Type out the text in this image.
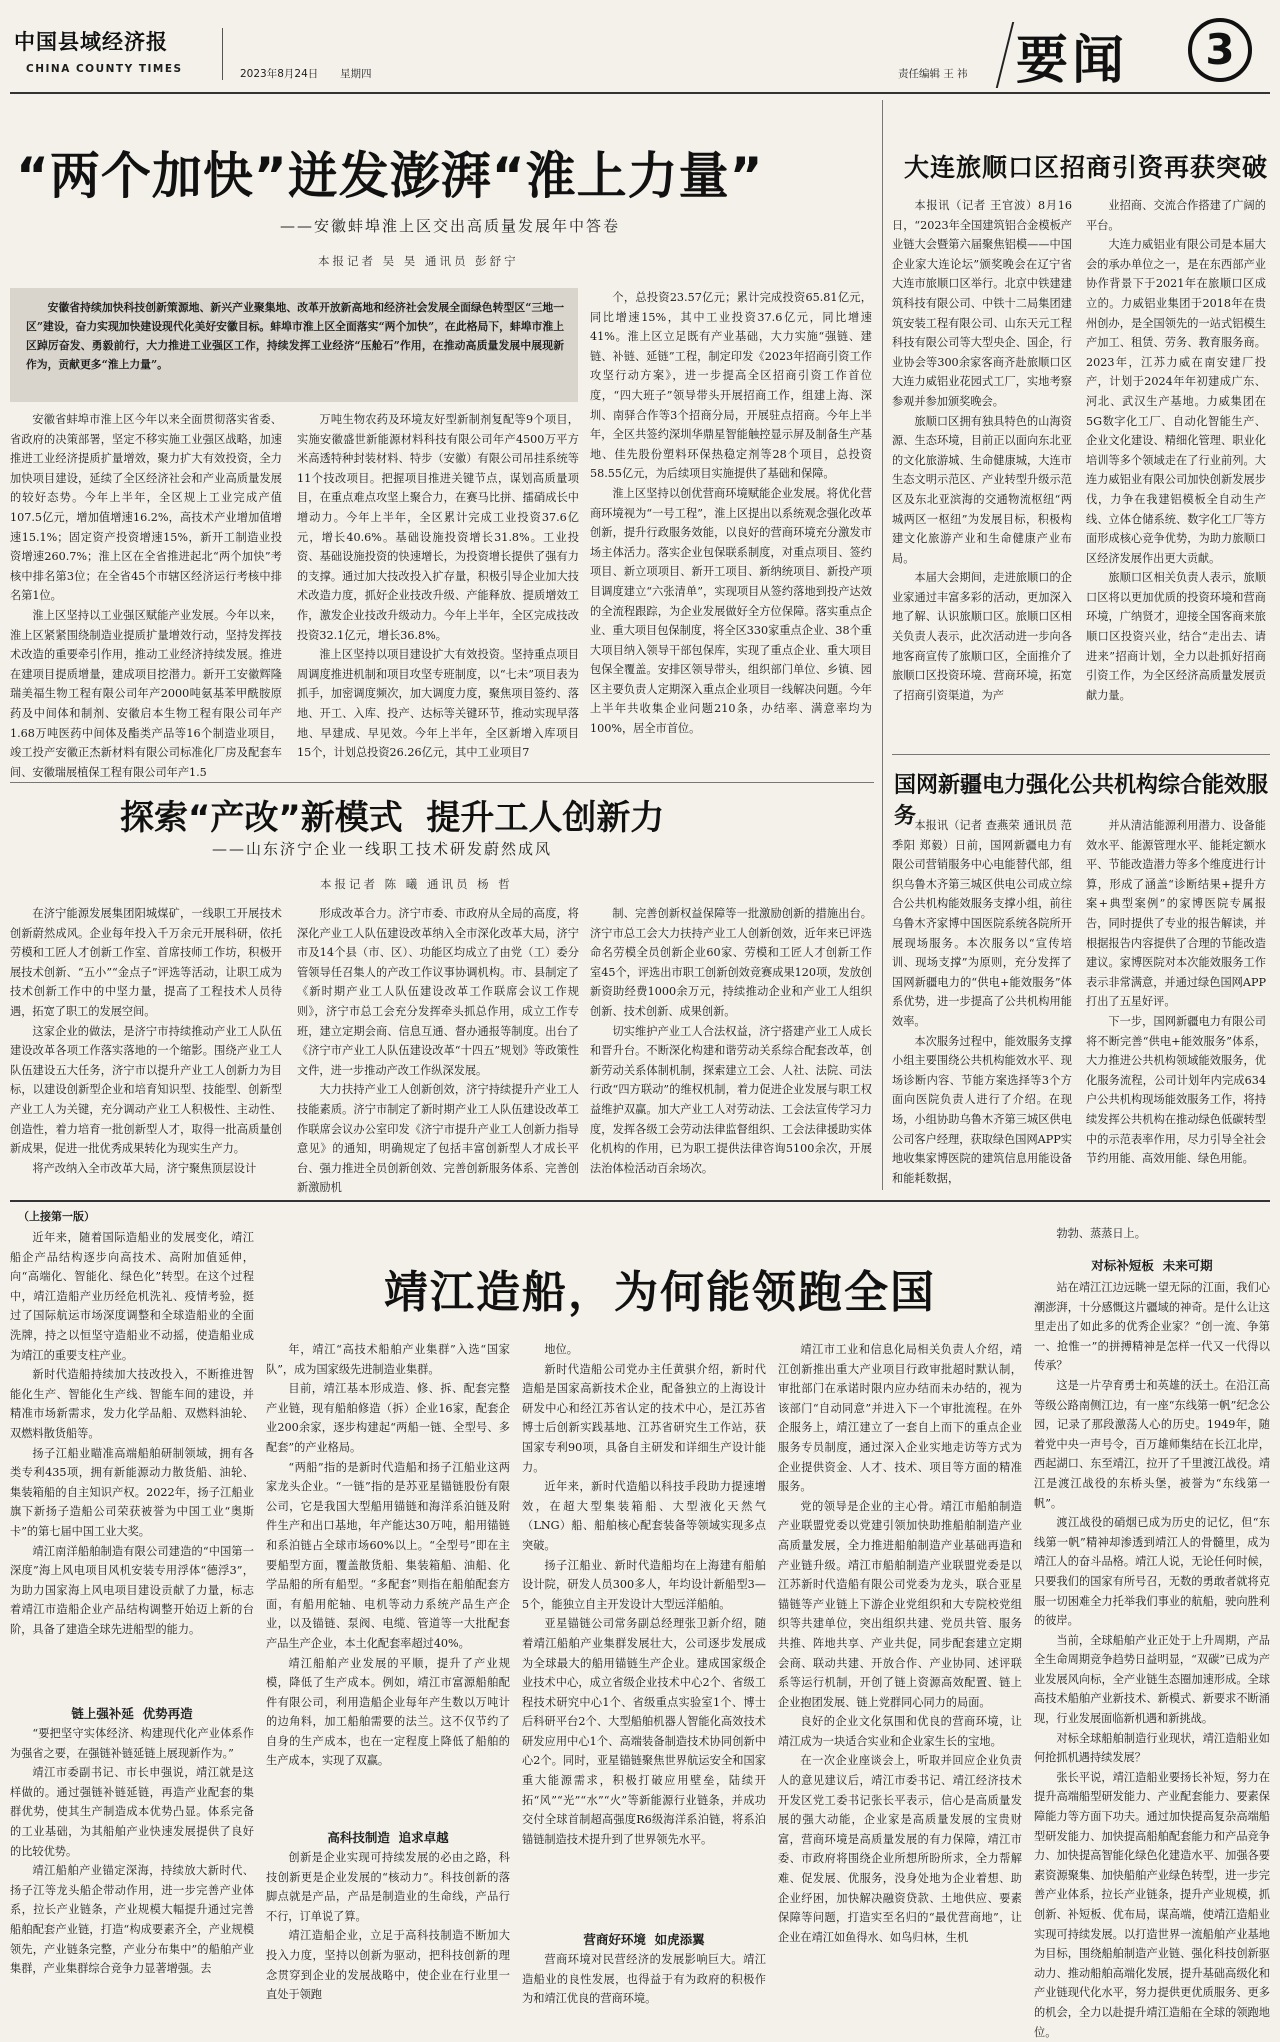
中国县域经济报
CHINA COUNTY TIMES	2023年8月24日 星期四	责任编辑 王 祎 要闻	3
“两个加快”迸发澎湃“淮上力量”
——安徽蚌埠淮上区交出高质量发展年中答卷
本报记者 吴 昊 通讯员 彭舒宁
安徽省持续加快科技创新策源地、新兴产业聚集地、改革开放新高地和经济社会发展全面绿色转型区“三地一区”建设，奋力实现加快建设现代化美好安徽目标。蚌埠市淮上区全面落实“两个加快”，在此格局下，蚌埠市淮上区踔厉奋发、勇毅前行，大力推进工业强区工作，持续发挥工业经济“压舱石”作用，在推动高质量发展中展现新作为，贡献更多“淮上力量”。

安徽省蚌埠市淮上区今年以来全面贯彻落实省委、省政府的决策部署，坚定不移实施工业强区战略，加速推进工业经济提质扩量增效，聚力扩大有效投资，全力加快项目建设，延续了全区经济社会和产业高质量发展的较好态势。今年上半年，全区规上工业完成产值107.5亿元，增加值增速16.2%，高技术产业增加值增速15.1%；固定资产投资增速15%，新开工制造业投资增速260.7%；淮上区在全省推进起北“两个加快”考核中排名第3位；在全省45个市辖区经济运行考核中排名第1位。

淮上区坚持以工业强区赋能产业发展。今年以来，淮上区紧紧围绕制造业提质扩量增效行动，坚持发挥技术改造的重要牵引作用，推动工业经济持续发展。推进在建项目提质增量，建成项目挖潜力。新开工安徽辉隆瑞美福生物工程有限公司年产2000吨氨基苯甲酰胺原药及中间体和制剂、安徽启本生物工程有限公司年产1.68万吨医药中间体及酯类产品等16个制造业项目，竣工投产安徽正杰新材料有限公司标准化厂房及配套车间、安徽瑞展植保工程有限公司年产1.5

万吨生物农药及环境友好型新制剂复配等9个项目，实施安徽盛世新能源材料科技有限公司年产4500万平方米高透特种封装材料、特步（安徽）有限公司吊挂系统等11个技改项目。把握项目推进关键节点，谋划高质量项目，在重点难点攻坚上聚合力，在赛马比拼、擂硝成长中增动力。今年上半年，全区累计完成工业投资37.6亿元，增长40.6%。基础设施投资增长31.8%。工业投资、基础设施投资的快速增长，为投资增长提供了强有力的支撑。通过加大技改投入扩存量，积极引导企业加大技术改造力度，抓好企业技改升级、产能释放、提质增效工作，激发企业技改升级动力。今年上半年，全区完成技改投资32.1亿元，增长36.8%。

淮上区坚持以项目建设扩大有效投资。坚持重点项目周调度推进机制和项目攻坚专班制度，以“七未”项目表为抓手，加密调度频次，加大调度力度，聚焦项目签约、落地、开工、入库、投产、达标等关键环节，推动实现早落地、早建成、早见效。今年上半年，全区新增入库项目15个，计划总投资26.26亿元，其中工业项目7

个，总投资23.57亿元；累计完成投资65.81亿元，同比增速15%，其中工业投资37.6亿元，同比增速41%。淮上区立足既有产业基础，大力实施“强链、建链、补链、延链”工程，制定印发《2023年招商引资工作攻坚行动方案》，进一步提高全区招商引资工作首位度，“四大班子”领导带头开展招商工作，组建上海、深圳、南驿合作等3个招商分局，开展驻点招商。今年上半年，全区共签约深圳华鼎星智能触控显示屏及制备生产基地、佳先股份塑料环保热稳定剂等28个项目，总投资58.55亿元，为后续项目实施提供了基础和保障。

淮上区坚持以创优营商环境赋能企业发展。将优化营商环境视为“一号工程”，淮上区提出以系统观念强化改革创新，提升行政服务效能，以良好的营商环境充分激发市场主体活力。落实企业包保联系制度，对重点项目、签约项目、新立项项目、新开工项目、新纳统项目、新投产项目调度建立“六张清单”，实现项目从签约落地到投产达效的全流程跟踪，为企业发展做好全方位保障。落实重点企业、重大项目包保制度，将全区330家重点企业、38个重大项目纳入领导干部包保库，实现了重点企业、重大项目包保全覆盖。安排区领导带头，组织部门单位、乡镇、园区主要负责人定期深入重点企业项目一线解决问题。今年上半年共收集企业问题210条，办结率、满意率均为100%，居全市首位。

大连旅顺口区招商引资再获突破

本报讯（记者 王官波）8月16日，“2023年全国建筑铝合金模板产业链大会暨第六届聚焦铝模——中国企业家大连论坛”颁奖晚会在辽宁省大连市旅顺口区举行。北京中铁建建筑科技有限公司、中铁十二局集团建筑安装工程有限公司、山东天元工程科技有限公司等大型央企、国企，行业协会等300余家客商齐赴旅顺口区大连力威铝业花园式工厂，实地考察参观并参加颁奖晚会。

旅顺口区拥有独具特色的山海资源、生态环境，目前正以面向东北亚的文化旅游城、生命健康城，大连市生态文明示范区、产业转型升级示范区及东北亚滨海的交通物流枢纽“两城两区一枢纽”为发展目标，积极构建文化旅游产业和生命健康产业布局。

本届大会期间，走进旅顺口的企业家通过丰富多彩的活动，更加深入地了解、认识旅顺口区。旅顺口区相关负责人表示，此次活动进一步向各地客商宣传了旅顺口区，全面推介了旅顺口区投资环境、营商环境，拓宽了招商引资渠道，为产

业招商、交流合作搭建了广阔的平台。

大连力威铝业有限公司是本届大会的承办单位之一，是在东西部产业协作背景下于2021年在旅顺口区成立的。力威铝业集团于2018年在贵州创办，是全国领先的一站式铝模生产加工、租赁、劳务、教育服务商。2023年，江苏力威在南安建厂投产，计划于2024年年初建成广东、河北、武汉生产基地。力威集团在5G数字化工厂、自动化智能生产、企业文化建设、精细化管理、职业化培训等多个领域走在了行业前列。大连力威铝业有限公司加快创新发展步伐，力争在我建铝模板全自动生产线、立体仓储系统、数字化工厂等方面形成核心竞争优势，为助力旅顺口区经济发展作出更大贡献。

旅顺口区相关负责人表示，旅顺口区将以更加优质的投资环境和营商环境，广纳贤才，迎接全国客商来旅顺口区投资兴业，结合“走出去、请进来”招商计划，全力以赴抓好招商引资工作，为全区经济高质量发展贡献力量。

探索“产改”新模式  提升工人创新力
——山东济宁企业一线职工技术研发蔚然成风
本报记者 陈 曦 通讯员 杨 哲

在济宁能源发展集团阳城煤矿，一线职工开展技术创新蔚然成风。企业每年投入千万余元开展科研，依托劳模和工匠人才创新工作室、首席技师工作坊，积极开展技术创新、“五小”“金点子”评选等活动，让职工成为技术创新工作中的中坚力量，提高了工程技术人员待遇，拓宽了职工的发展空间。

这家企业的做法，是济宁市持续推动产业工人队伍建设改革各项工作落实落地的一个缩影。围绕产业工人队伍建设五大任务，济宁市以提升产业工人创新力为目标，以建设创新型企业和培育知识型、技能型、创新型产业工人为关键，充分调动产业工人积极性、主动性、创造性，着力培育一批创新型人才，取得一批高质量创新成果，促进一批优秀成果转化为现实生产力。

将产改纳入全市改革大局，济宁聚焦顶层设计

形成改革合力。济宁市委、市政府从全局的高度，将深化产业工人队伍建设改革纳入全市深化改革大局，济宁市及14个县（市、区）、功能区均成立了由党（工）委分管领导任召集人的产改工作议事协调机构。市、县制定了《新时期产业工人队伍建设改革工作联席会议工作规则》，济宁市总工会充分发挥牵头抓总作用，成立工作专班，建立定期会商、信息互通、督办通报等制度。出台了《济宁市产业工人队伍建设改革“十四五”规划》等政策性文件，进一步推动产改工作纵深发展。

大力扶持产业工人创新创效，济宁持续提升产业工人技能素质。济宁市制定了新时期产业工人队伍建设改革工作联席会议办公室印发《济宁市提升产业工人创新力指导意见》的通知，明确规定了包括丰富创新型人才成长平台、强力推进全员创新创效、完善创新服务体系、完善创新激励机

制、完善创新权益保障等一批激励创新的措施出台。济宁市总工会大力扶持产业工人创新创效，近年来已评选命名劳模全员创新企业60家、劳模和工匠人才创新工作室45个，评选出市职工创新创效竞赛成果120项，发放创新资助经费1000余万元，持续推动企业和产业工人组织创新、技术创新、成果创新。

切实维护产业工人合法权益，济宁搭建产业工人成长和晋升台。不断深化构建和谐劳动关系综合配套改革，创新劳动关系体制机制，探索建立工会、人社、法院、司法行政“四方联动”的维权机制，着力促进企业发展与职工权益维护双赢。加大产业工人对劳动法、工会法宣传学习力度，发挥各级工会劳动法律监督组织、工会法律援助实体化机构的作用，已为职工提供法律咨询5100余次，开展法治体检活动百余场次。

国网新疆电力强化公共机构综合能效服务

本报讯（记者 查燕荣 通讯员 范季阳 郑毅）日前，国网新疆电力有限公司营销服务中心电能替代部，组织乌鲁木齐第三城区供电公司成立综合公共机构能效服务支撑小组，前往乌鲁木齐家博中国医院系统各院所开展现场服务。本次服务以“宣传培训、现场支撑”为原则，充分发挥了国网新疆电力的“供电+能效服务”体系优势，进一步提高了公共机构用能效率。

本次服务过程中，能效服务支撑小组主要围绕公共机构能效水平、现场诊断内容、节能方案选择等3个方面向医院负责人进行了介绍。在现场，小组协助乌鲁木齐第三城区供电公司客户经理，获取绿色国网APP实地收集家博医院的建筑信息用能设备和能耗数据，

并从清洁能源利用潜力、设备能效水平、能源管理水平、能耗定额水平、节能改造潜力等多个维度进行计算，形成了涵盖“诊断结果+提升方案+典型案例”的家博医院专属报告，同时提供了专业的报告解读，并根据报告内容提供了合理的节能改造建议。家博医院对本次能效服务工作表示非常满意，并通过绿色国网APP打出了五星好评。

下一步，国网新疆电力有限公司将不断完善“供电+能效服务”体系，大力推进公共机构领域能效服务，优化服务流程，公司计划年内完成634户公共机构现场能效服务工作，将持续发挥公共机构在推动绿色低碳转型中的示范表率作用，尽力引导全社会节约用能、高效用能、绿色用能。

（上接第一版）
靖江造船，为何能领跑全国

近年来，随着国际造船业的发展变化，靖江船企产品结构逐步向高技术、高附加值延伸，向“高端化、智能化、绿色化”转型。在这个过程中，靖江造船产业历经危机洗礼、疫情考验，挺过了国际航运市场深度调整和全球造船业的全面洗牌，持之以恒坚守造船业不动摇，使造船业成为靖江的重要支柱产业。

新时代造船持续加大技改投入，不断推进智能化生产、智能化生产线、智能车间的建设，并精准市场新需求，发力化学品船、双燃料油轮、双燃料散货船等。

扬子江船业瞄准高端船舶研制领域，拥有各类专利435项，拥有新能源动力散货船、油轮、集装箱船的自主知识产权。2022年，扬子江船业旗下新扬子造船公司荣获被誉为中国工业“奥斯卡”的第七届中国工业大奖。

靖江南洋船舶制造有限公司建造的“中国第一深度”海上风电项目风机安装专用浮体“德浮3”，为助力国家海上风电项目建设贡献了力量，标志着靖江市造船企业产品结构调整开始迈上新的台阶，具备了建造全球先进船型的能力。

链上强补延  优势再造

“要把坚守实体经济、构建现代化产业体系作为强省之要，在强链补链延链上展现新作为。”

靖江市委副书记、市长申强说，靖江就是这样做的。通过强链补链延链，再造产业配套的集群优势，使其生产制造成本优势凸显。体系完备的工业基础，为其船舶产业快速发展提供了良好的比较优势。

靖江船舶产业锚定深海，持续放大新时代、扬子江等龙头船企带动作用，进一步完善产业体系，拉长产业链条，产业规模大幅提升通过完善船舶配套产业链，打造“构成要素齐全，产业规模领先，产业链条完整，产业分布集中”的船舶产业集群，产业集群综合竞争力显著增强。去

年，靖江“高技术船舶产业集群”入选“国家队”，成为国家级先进制造业集群。

目前，靖江基本形成造、修、拆、配套完整产业链，现有船舶修造（拆）企业16家，配套企业200余家，逐步构建起“两船一链、全型号、多配套”的产业格局。

“两船”指的是新时代造船和扬子江船业这两家龙头企业。“一链”指的是苏亚星锚链股份有限公司，它是我国大型船用锚链和海洋系泊链及附件生产和出口基地，年产能达30万吨，船用锚链和系泊链占全球市场60%以上。“全型号”即在主要船型方面，覆盖散货船、集装箱船、油船、化学品船的所有船型。“多配套”则指在船舶配套方面，有船用舵轴、电机等动力系统产品生产企业，以及锚链、泵阀、电缆、管道等一大批配套产品生产企业，本土化配套率超过40%。

靖江船舶产业发展的平顺，提升了产业规模，降低了生产成本。例如，靖江市富源船舶配件有限公司，利用造船企业每年产生数以万吨计的边角料，加工船舶需要的法兰。这不仅节约了自身的生产成本，也在一定程度上降低了船舶的生产成本，实现了双赢。

高科技制造  追求卓越

创新是企业实现可持续发展的必由之路，科技创新更是企业发展的“核动力”。科技创新的落脚点就是产品，产品是制造业的生命线，产品行不行，订单说了算。

靖江造船企业，立足于高科技制造不断加大投入力度，坚持以创新为驱动，把科技创新的理念贯穿到企业的发展战略中，使企业在行业里一直处于领跑

地位。

新时代造船公司党办主任黄骐介绍，新时代造船是国家高新技术企业，配备独立的上海设计研发中心和经江苏省认定的技术中心，是江苏省博士后创新实践基地、江苏省研究生工作站，获国家专利90项，具备自主研发和详细生产设计能力。

近年来，新时代造船以科技手段助力提速增效，在超大型集装箱船、大型液化天然气（LNG）船、船舶核心配套装备等领域实现多点突破。

扬子江船业、新时代造船均在上海建有船舶设计院，研发人员300多人，年均设计新船型3—5个，能独立自主开发设计大型远洋船舶。

亚星锚链公司常务副总经理张卫新介绍，随着靖江船舶产业集群发展壮大，公司逐步发展成为全球最大的船用锚链生产企业。建成国家级企业技术中心，成立省级企业技术中心2个、省级工程技术研究中心1个、省级重点实验室1个、博士后科研平台2个、大型船舶机器人智能化高效技术研发应用中心1个、高端装备制造技术协同创新中心2个。同时，亚星锚链聚焦世界航运安全和国家重大能源需求，积极打破应用壁垒，陆续开拓“风”“光”“水”“火”等新能源行业链条，并成功交付全球首制超高强度R6级海洋系泊链，将系泊锚链制造技术提升到了世界领先水平。

营商好环境  如虎添翼
营商环境对民营经济的发展影响巨大。靖江造船业的良性发展，也得益于有为政府的积极作为和靖江优良的营商环境。

靖江市工业和信息化局相关负责人介绍，靖江创新推出重大产业项目行政审批超时默认制，审批部门在承诺时限内应办结而未办结的，视为该部门“自动同意”并进入下一个审批流程。在外企服务上，靖江建立了一套自上而下的重点企业服务专员制度，通过深入企业实地走访等方式为企业提供资金、人才、技术、项目等方面的精准服务。

党的领导是企业的主心骨。靖江市船舶制造产业联盟党委以党建引领加快助推船舶制造产业高质量发展，全力推进船舶制造产业基础再造和产业链升级。靖江市船舶制造产业联盟党委是以江苏新时代造船有限公司党委为龙头，联合亚星锚链等产业链上下游企业党组织和大专院校党组织等共建单位，突出组织共建、党员共管、服务共推、阵地共享、产业共促，同步配套建立定期会商、联动共建、开放合作、产业协同、述评联系等运行机制，开创了链上资源高效配置、链上企业抱团发展、链上党群同心同力的局面。

良好的企业文化氛围和优良的营商环境，让靖江成为一块适合实业和企业家生长的宝地。

在一次企业座谈会上，听取并回应企业负责人的意见建议后，靖江市委书记、靖江经济技术开发区党工委书记张长平表示，信心是高质量发展的强大动能，企业家是高质量发展的宝贵财富，营商环境是高质量发展的有力保障，靖江市委、市政府将围绕企业所想所盼所求，全力帮解难、促发展、优服务，没身处地为企业着想、助企业纾困，加快解决融资贷款、土地供应、要素保障等问题，打造实至名归的“最优营商地”，让企业在靖江如鱼得水、如鸟归林，生机

勃勃、蒸蒸日上。
对标补短板  未来可期

站在靖江江边远眺一望无际的江面，我们心潮澎湃，十分感慨这片疆域的神奇。是什么让这里走出了如此多的优秀企业家？“创一流、争第一、抢惟一”的拼搏精神是怎样一代又一代得以传承？

这是一片孕育勇士和英雄的沃土。在沿江高等级公路南侧江边，有一座“东线第一帆”纪念公园，记录了那段激荡人心的历史。1949年，随着党中央一声号令，百万雄师集结在长江北岸，西起湖口、东至靖江，拉开了千里渡江战役。靖江是渡江战役的东桥头堡，被誉为“东线第一帆”。

渡江战役的硝烟已成为历史的记忆，但“东线第一帆”精神却渗透到靖江人的骨髓里，成为靖江人的奋斗品格。靖江人说，无论任何时候，只要我们的国家有所号召，无数的勇敢者就将克服一切困难全力托举我们事业的航船，驶向胜利的彼岸。

当前，全球船舶产业正处于上升周期，产品全生命周期竞争趋势日益明显，“双碳”已成为产业发展风向标，全产业链生态圈加速形成。全球高技术船舶产业新技术、新模式、新要求不断涌现，行业发展面临新机遇和新挑战。

对标全球船舶制造行业现状，靖江造船业如何抢抓机遇持续发展？

张长平说，靖江造船业要扬长补短，努力在提升高端船型研发能力、产业配套能力、要素保障能力等方面下功夫。通过加快提高复杂高端船型研发能力、加快提高船舶配套能力和产品竞争力、加快提高智能化绿色化建造水平、加强各要素资源聚集、加快船舶产业绿色转型，进一步完善产业体系，拉长产业链条，提升产业规模，抓创新、补短板、优布局，谋高端，使靖江造船业实现可持续发展。以打造世界一流船舶产业基地为目标，围绕船舶制造产业链、强化科技创新驱动力、推动船舶高端化发展，提升基础高级化和产业链现代化水平，努力提供更优质服务、更多的机会，全力以赴提升靖江造船在全球的领跑地位。
